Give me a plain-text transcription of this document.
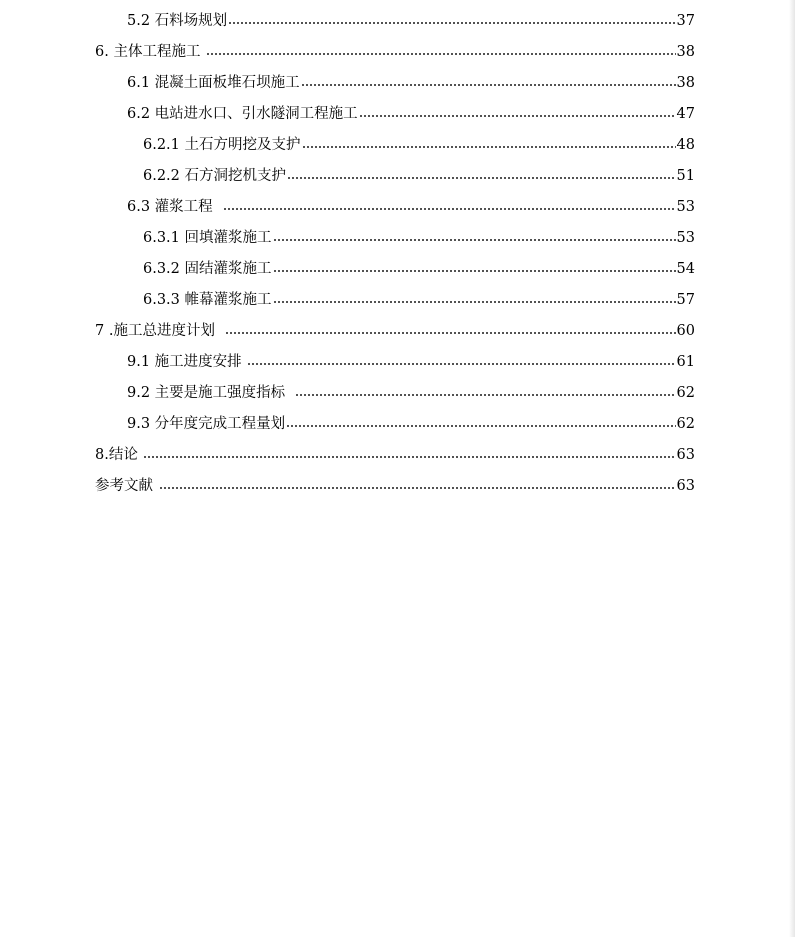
5.2 石料场规划	37
6. 主体工程施工	38
6.1 混凝土面板堆石坝施工	38
6.2 电站进水口、引水隧洞工程施工	47
6.2.1 土石方明挖及支护	48
6.2.2 石方洞挖机支护	51
6.3 灌浆工程	53
6.3.1 回填灌浆施工	53
6.3.2 固结灌浆施工	54
6.3.3 帷幕灌浆施工	57
7 .施工总进度计划	60
9.1 施工进度安排	61
9.2 主要是施工强度指标	62
9.3 分年度完成工程量划	62
8.结论	63
参考文献	63
